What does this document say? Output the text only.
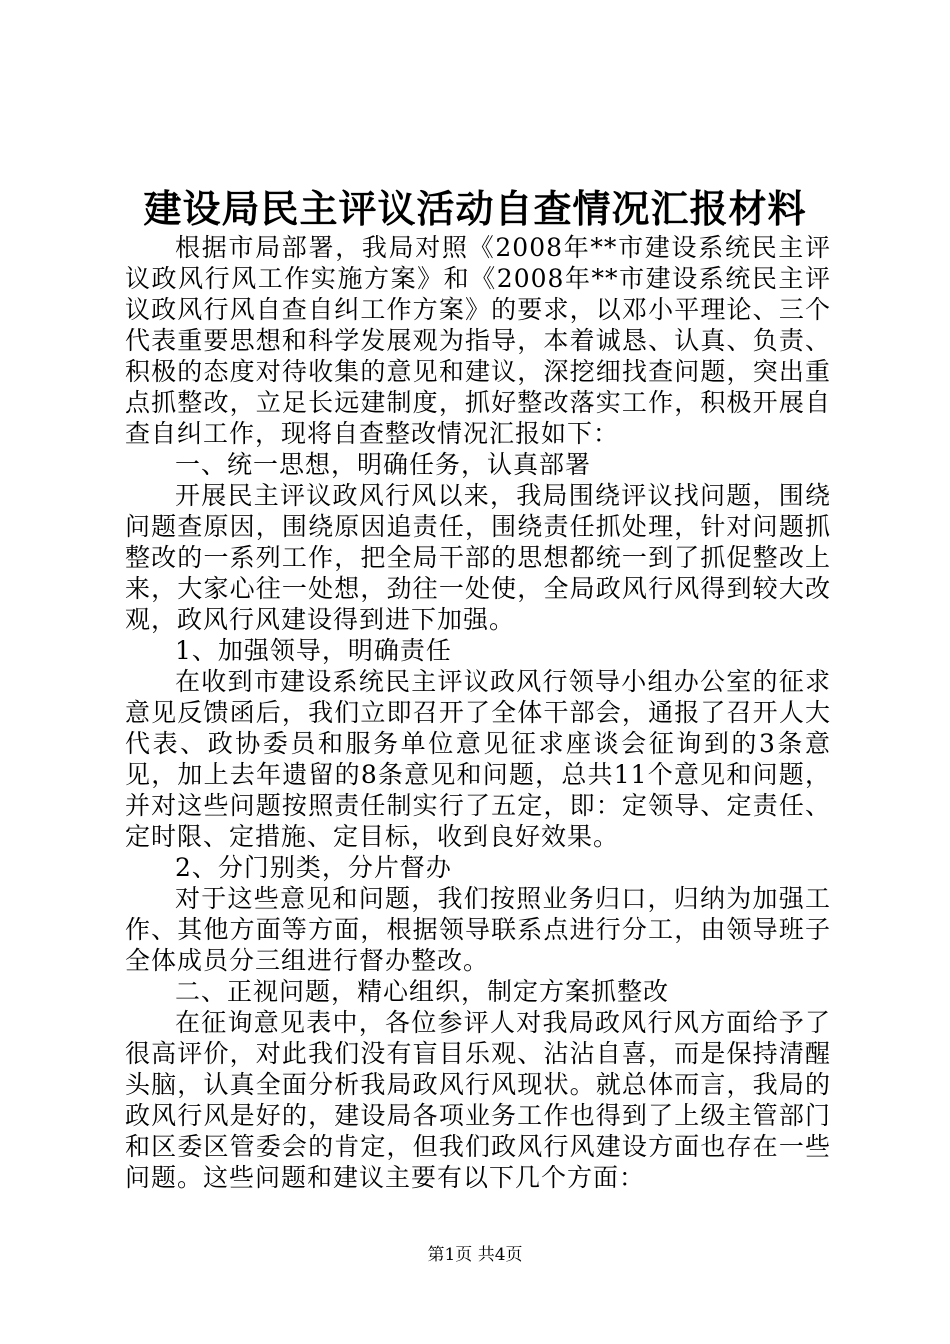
建设局民主评议活动自查情况汇报材料

根据市局部署，我局对照《2008年**市建设系统民主评议政风行风工作实施方案》和《2008年**市建设系统民主评议政风行风自查自纠工作方案》的要求，以邓小平理论、三个代表重要思想和科学发展观为指导，本着诚恳、认真、负责、积极的态度对待收集的意见和建议，深挖细找查问题，突出重点抓整改，立足长远建制度，抓好整改落实工作，积极开展自查自纠工作，现将自查整改情况汇报如下：

一、统一思想，明确任务，认真部署

开展民主评议政风行风以来，我局围绕评议找问题，围绕问题查原因，围绕原因追责任，围绕责任抓处理，针对问题抓整改的一系列工作，把全局干部的思想都统一到了抓促整改上来，大家心往一处想，劲往一处使，全局政风行风得到较大改观，政风行风建设得到进下加强。

1、加强领导，明确责任

在收到市建设系统民主评议政风行领导小组办公室的征求意见反馈函后，我们立即召开了全体干部会，通报了召开人大代表、政协委员和服务单位意见征求座谈会征询到的3条意见，加上去年遗留的8条意见和问题，总共11个意见和问题，并对这些问题按照责任制实行了五定，即：定领导、定责任、定时限、定措施、定目标，收到良好效果。

2、分门别类，分片督办

对于这些意见和问题，我们按照业务归口，归纳为加强工作、其他方面等方面，根据领导联系点进行分工，由领导班子全体成员分三组进行督办整改。

二、正视问题，精心组织，制定方案抓整改

在征询意见表中，各位参评人对我局政风行风方面给予了很高评价，对此我们没有盲目乐观、沾沾自喜，而是保持清醒头脑，认真全面分析我局政风行风现状。就总体而言，我局的政风行风是好的，建设局各项业务工作也得到了上级主管部门和区委区管委会的肯定，但我们政风行风建设方面也存在一些问题。这些问题和建议主要有以下几个方面：

第1页 共4页
